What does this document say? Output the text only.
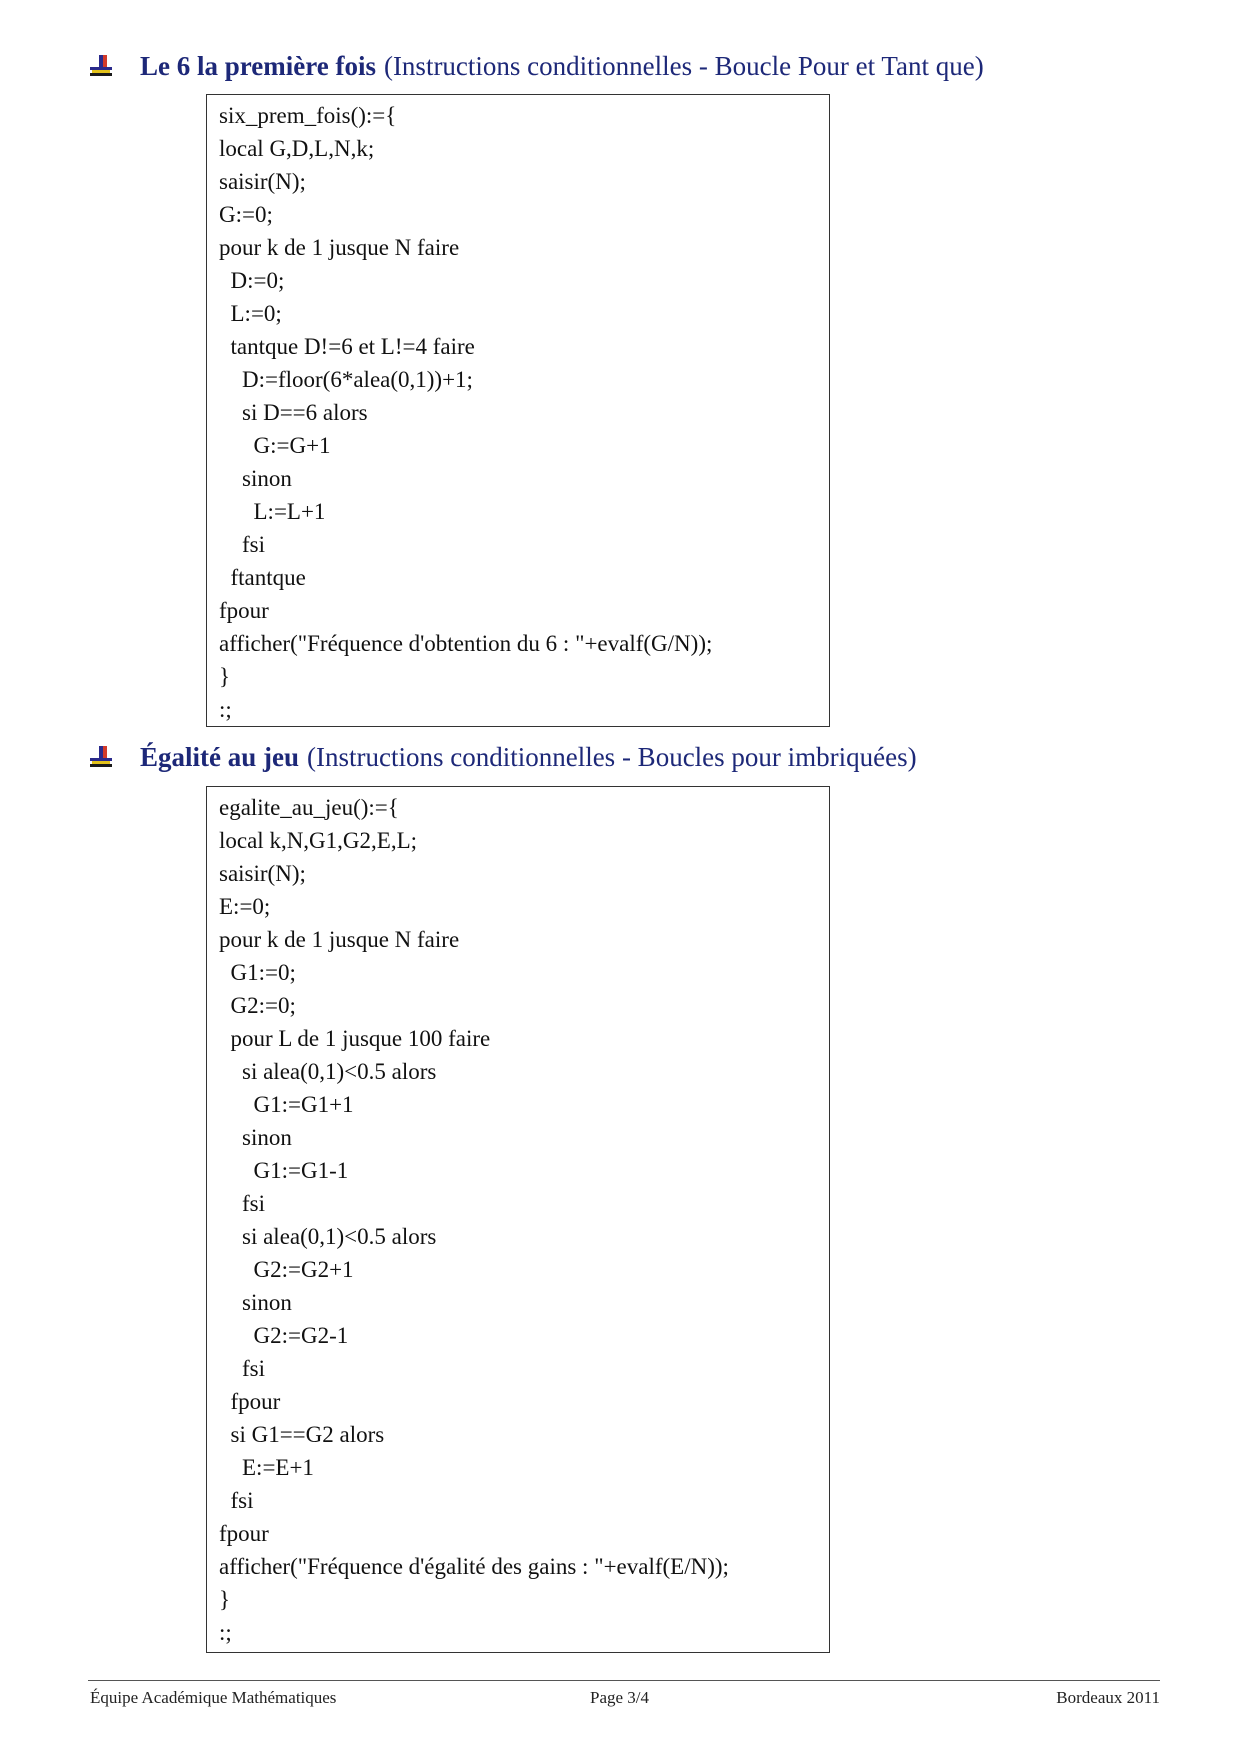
Le 6 la première fois (Instructions conditionnelles - Boucle Pour et Tant que)
six_prem_fois():={
local G,D,L,N,k;
saisir(N);
G:=0;
pour k de 1 jusque N faire
D:=0;
L:=0;
tantque D!=6 et L!=4 faire
D:=floor(6*alea(0,1))+1;
si D==6 alors
G:=G+1
sinon
L:=L+1
fsi
ftantque
fpour
afficher("Fréquence d'obtention du 6 : "+evalf(G/N));
}
:;
Égalité au jeu (Instructions conditionnelles - Boucles pour imbriquées)
egalite_au_jeu():={
local k,N,G1,G2,E,L;
saisir(N);
E:=0;
pour k de 1 jusque N faire
G1:=0;
G2:=0;
pour L de 1 jusque 100 faire
si alea(0,1)<0.5 alors
G1:=G1+1
sinon
G1:=G1-1
fsi
si alea(0,1)<0.5 alors
G2:=G2+1
sinon
G2:=G2-1
fsi
fpour
si G1==G2 alors
E:=E+1
fsi
fpour
afficher("Fréquence d'égalité des gains : "+evalf(E/N));
}
:;
Équipe Académique Mathématiques	Page 3/4	Bordeaux 2011
